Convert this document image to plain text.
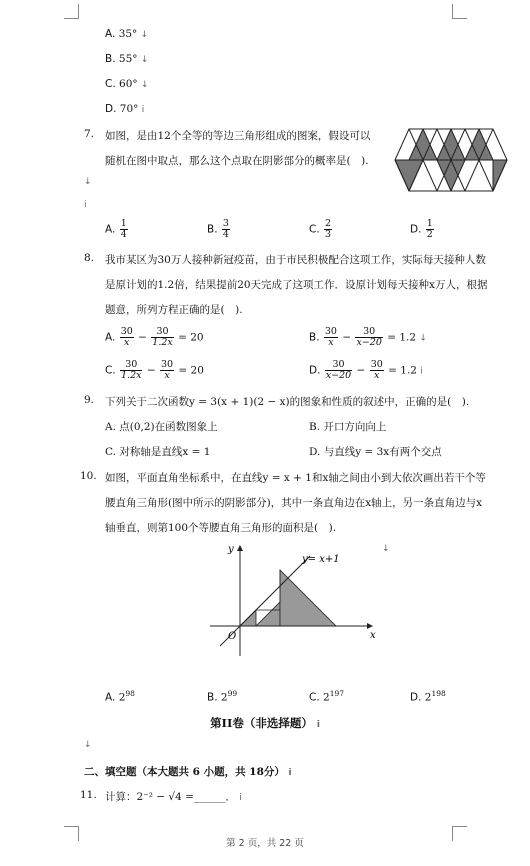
A. 35° ↓
B. 55° ↓
C. 60° ↓
D. 70° ⅰ
7. 如图，是由12个全等的等边三角形组成的图案，假设可以
随机在图中取点，那么这个点取在阴影部分的概率是(　).
↓
ⅰ
A. $\frac{1}{4}$	B. $\frac{3}{4}$	C. $\frac{2}{3}$	D. $\frac{1}{2}$
8. 我市某区为30万人接种新冠疫苗，由于市民积极配合这项工作，实际每天接种人数
是原计划的1.2倍，结果提前20天完成了这项工作．设原计划每天接种x万人，根据
题意，所列方程正确的是(　).
A. $\frac{30}{x} - \frac{30}{1.2x} = 20$	B. $\frac{30}{x} - \frac{30}{x-20} = 1.2$ ↓
C. $\frac{30}{1.2x} - \frac{30}{x} = 20$	D. $\frac{30}{x-20} - \frac{30}{x} = 1.2$ ⅰ
9. 下列关于二次函数y = 3(x + 1)(2 − x)的图象和性质的叙述中，正确的是(　).
A. 点(0,2)在函数图象上	B. 开口方向向上
C. 对称轴是直线x = 1	D. 与直线y = 3x有两个交点
10. 如图，平面直角坐标系中，在直线y = x + 1和x轴之间由小到大依次画出若干个等
腰直角三角形(图中所示的阴影部分)，其中一条直角边在x轴上，另一条直角边与x
轴垂直，则第100个等腰直角三角形的面积是(　).
y= x+1
x
y
O
↓
A. $2^{98}$	B. $2^{99}$	C. $2^{197}$	D. $2^{198}$
第II卷（非选择题） ⅰ
↓
二、填空题（本大题共 6 小题，共 18分） ⅰ
11. 计算：2⁻² − √4 =______． ⅰ
第 2 页，共 22 页
